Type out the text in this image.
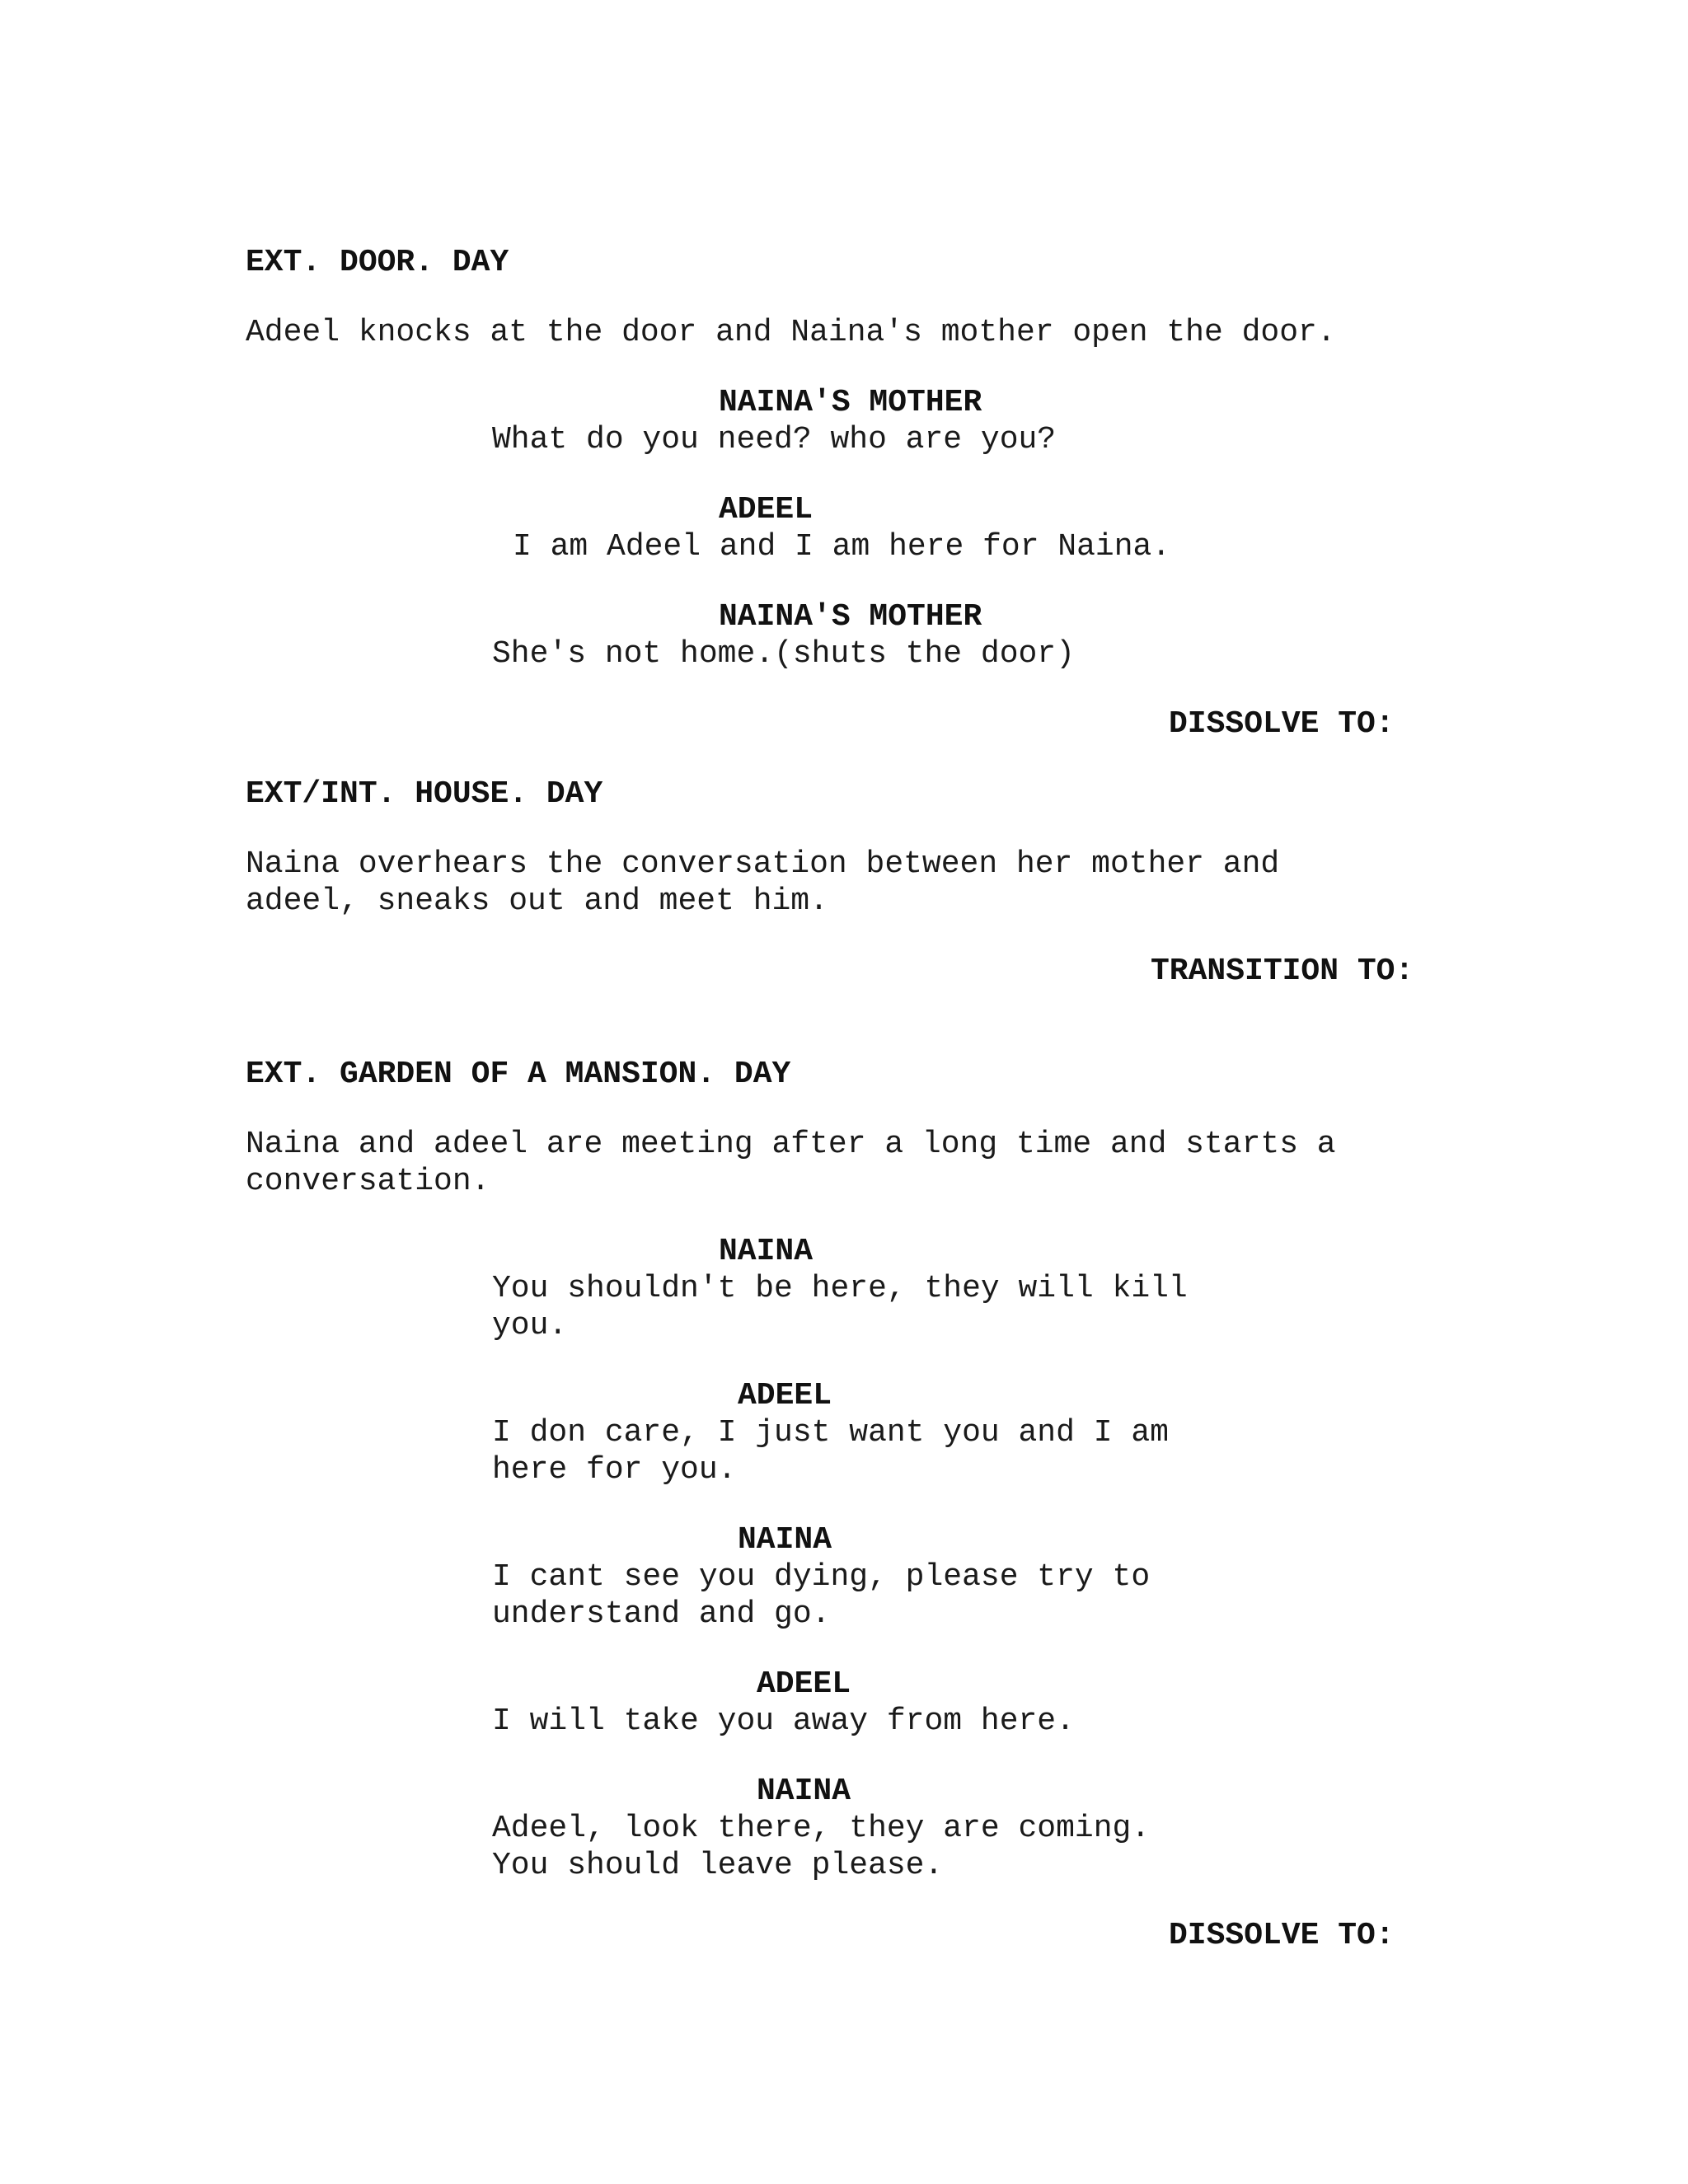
EXT. DOOR. DAY
Adeel knocks at the door and Naina's mother open the door.
NAINA'S MOTHER
What do you need? who are you?
ADEEL
I am Adeel and I am here for Naina.
NAINA'S MOTHER
She's not home.(shuts the door)
DISSOLVE TO:
EXT/INT. HOUSE. DAY
Naina overhears the conversation between her mother and
adeel, sneaks out and meet him.
TRANSITION TO:
EXT. GARDEN OF A MANSION. DAY
Naina and adeel are meeting after a long time and starts a
conversation.
NAINA
You shouldn't be here, they will kill
you.
ADEEL
I don care, I just want you and I am
here for you.
NAINA
I cant see you dying, please try to
understand and go.
ADEEL
I will take you away from here.
NAINA
Adeel, look there, they are coming.
You should leave please.
DISSOLVE TO:
